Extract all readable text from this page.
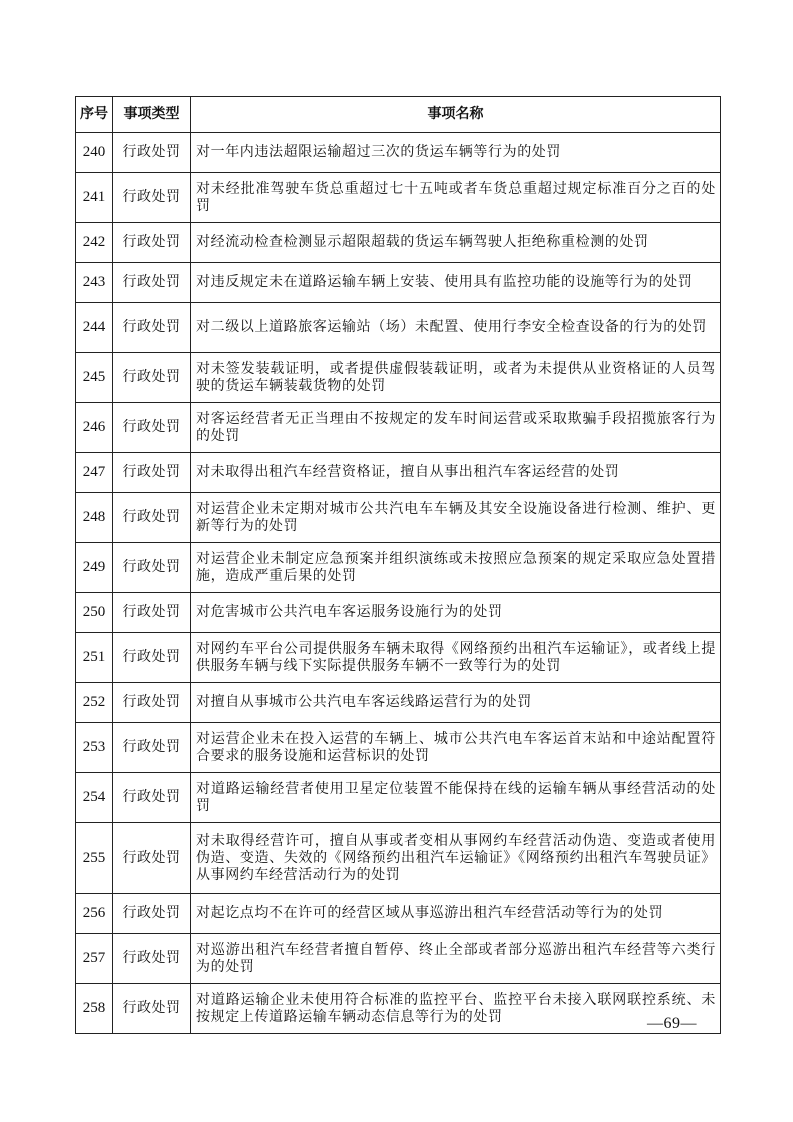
序号	事项类型	事项名称
240	行政处罚	对一年内违法超限运输超过三次的货运车辆等行为的处罚
241	行政处罚	对未经批准驾驶车货总重超过七十五吨或者车货总重超过规定标准百分之百的处罚
242	行政处罚	对经流动检查检测显示超限超载的货运车辆驾驶人拒绝称重检测的处罚
243	行政处罚	对违反规定未在道路运输车辆上安装、使用具有监控功能的设施等行为的处罚
244	行政处罚	对二级以上道路旅客运输站（场）未配置、使用行李安全检查设备的行为的处罚
245	行政处罚	对未签发装载证明，或者提供虚假装载证明，或者为未提供从业资格证的人员驾驶的货运车辆装载货物的处罚
246	行政处罚	对客运经营者无正当理由不按规定的发车时间运营或采取欺骗手段招揽旅客行为的处罚
247	行政处罚	对未取得出租汽车经营资格证，擅自从事出租汽车客运经营的处罚
248	行政处罚	对运营企业未定期对城市公共汽电车车辆及其安全设施设备进行检测、维护、更新等行为的处罚
249	行政处罚	对运营企业未制定应急预案并组织演练或未按照应急预案的规定采取应急处置措施，造成严重后果的处罚
250	行政处罚	对危害城市公共汽电车客运服务设施行为的处罚
251	行政处罚	对网约车平台公司提供服务车辆未取得《网络预约出租汽车运输证》，或者线上提供服务车辆与线下实际提供服务车辆不一致等行为的处罚
252	行政处罚	对擅自从事城市公共汽电车客运线路运营行为的处罚
253	行政处罚	对运营企业未在投入运营的车辆上、城市公共汽电车客运首末站和中途站配置符合要求的服务设施和运营标识的处罚
254	行政处罚	对道路运输经营者使用卫星定位装置不能保持在线的运输车辆从事经营活动的处罚
255	行政处罚	对未取得经营许可，擅自从事或者变相从事网约车经营活动伪造、变造或者使用伪造、变造、失效的《网络预约出租汽车运输证》《网络预约出租汽车驾驶员证》从事网约车经营活动行为的处罚
256	行政处罚	对起讫点均不在许可的经营区域从事巡游出租汽车经营活动等行为的处罚
257	行政处罚	对巡游出租汽车经营者擅自暂停、终止全部或者部分巡游出租汽车经营等六类行为的处罚
258	行政处罚	对道路运输企业未使用符合标准的监控平台、监控平台未接入联网联控系统、未按规定上传道路运输车辆动态信息等行为的处罚	—69—
